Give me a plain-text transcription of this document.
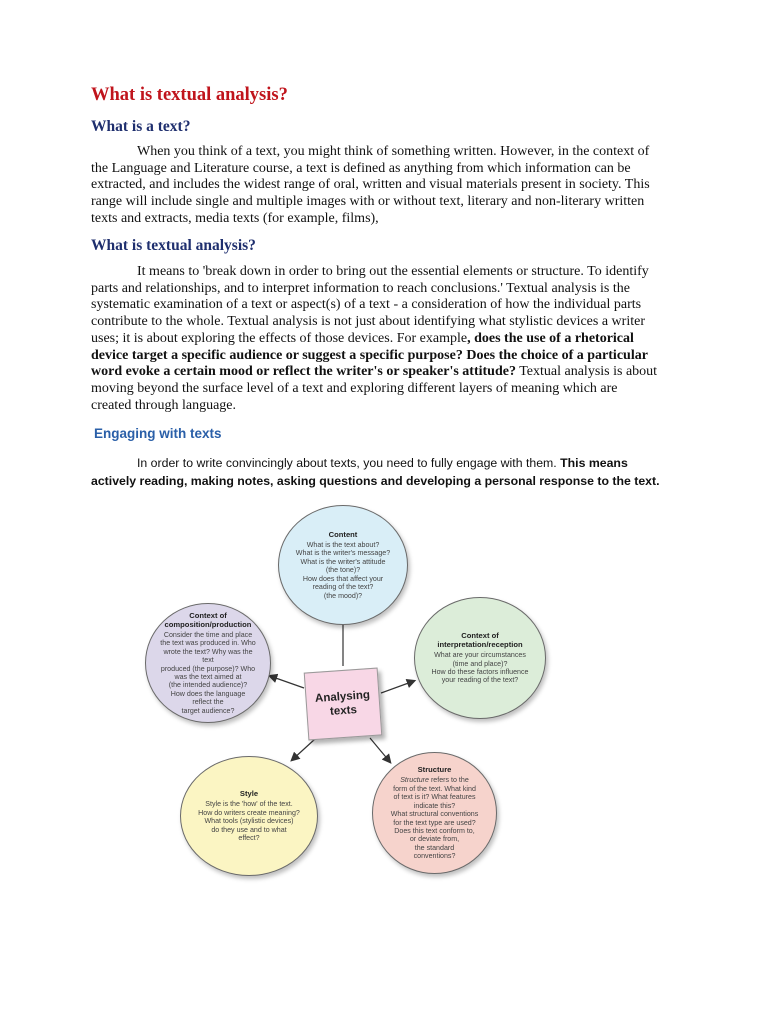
What is textual analysis?
What is a text?

When you think of a text, you might think of something written. However, in the context of the Language and Literature course, a text is defined as anything from which information can be extracted, and includes the widest range of oral, written and visual materials present in society. This range will include single and multiple images with or without text, literary and non-literary written texts and extracts, media texts (for example, films),

What is textual analysis?

It means to 'break down in order to bring out the essential elements or structure. To identify parts and relationships, and to interpret information to reach conclusions.' Textual analysis is the systematic examination of a text or aspect(s) of a text - a consideration of how the individual parts contribute to the whole. Textual analysis is not just about identifying what stylistic devices a writer uses; it is about exploring the effects of those devices. For example, does the use of a rhetorical device target a specific audience or suggest a specific purpose? Does the choice of a particular word evoke a certain mood or reflect the writer's or speaker's attitude? Textual analysis is about moving beyond the surface level of a text and exploring different layers of meaning which are created through language.

Engaging with texts

In order to write convincingly about texts, you need to fully engage with them. This means actively reading, making notes, asking questions and developing a personal response to the text.

Content
What is the text about?
What is the writer's message?
What is the writer's attitude
(the tone)?
How does that affect your
reading of the text?
(the mood)?
Context of
interpretation/reception
What are your circumstances
(time and place)?
How do these factors influence
your reading of the text?
Structure
Structure refers to the
form of the text. What kind
of text is it? What features
indicate this?
What structural conventions
for the text type are used?
Does this text conform to,
or deviate from,
the standard
conventions?
Style
Style is the 'how' of the text.
How do writers create meaning?
What tools (stylistic devices)
do they use and to what
effect?
Context of
composition/production
Consider the time and place
the text was produced in. Who
wrote the text? Why was the text
produced (the purpose)? Who
was the text aimed at
(the intended audience)?
How does the language
reflect the
target audience?
Analysing
texts
